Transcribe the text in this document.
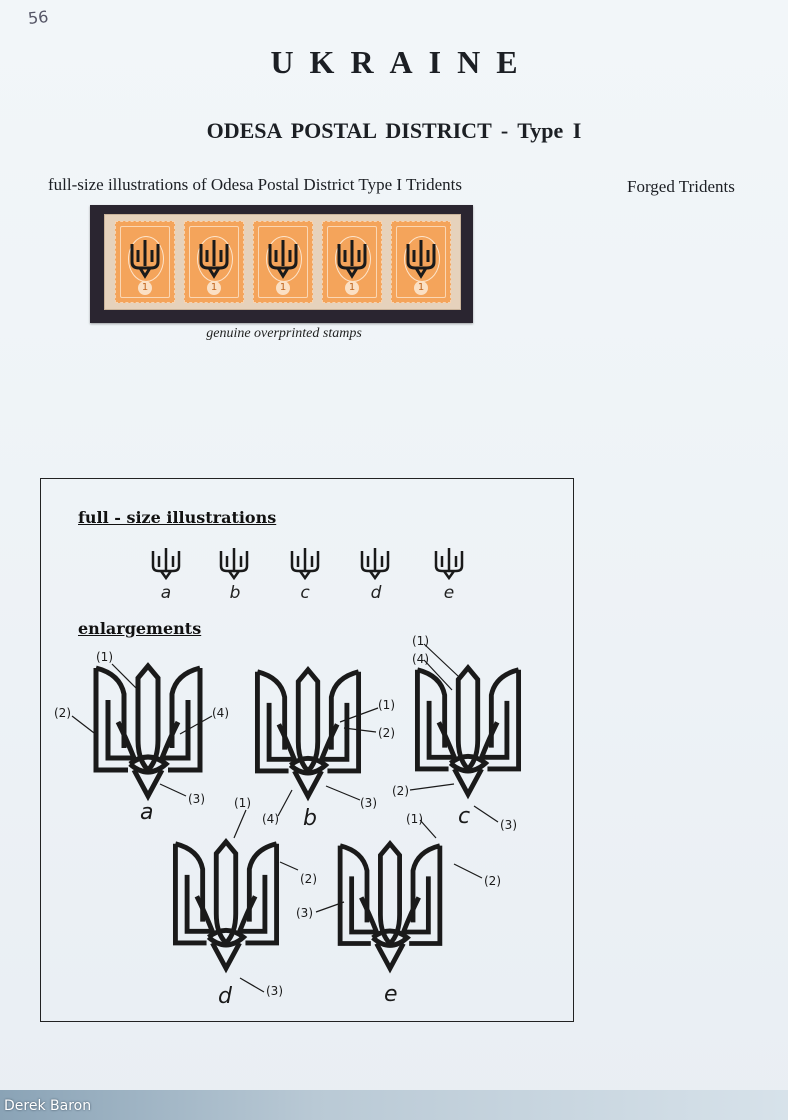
56
UKRAINE
ODESA POSTAL DISTRICT - Type I
full-size illustrations of Odesa Postal District Type I Tridents	Forged Tridents
1	1	1	1	1
genuine overprinted stamps
full - size illustrations
enlargements
a	b	c	d	e
a	b	c
d	e
(1)
(2)	(4)
(3)
(1)
(2)
(4)
(3)
(1)
(4)
(2)
(3)
(1)
(2)
(3)
(1)
(2)
(3)
Derek Baron
